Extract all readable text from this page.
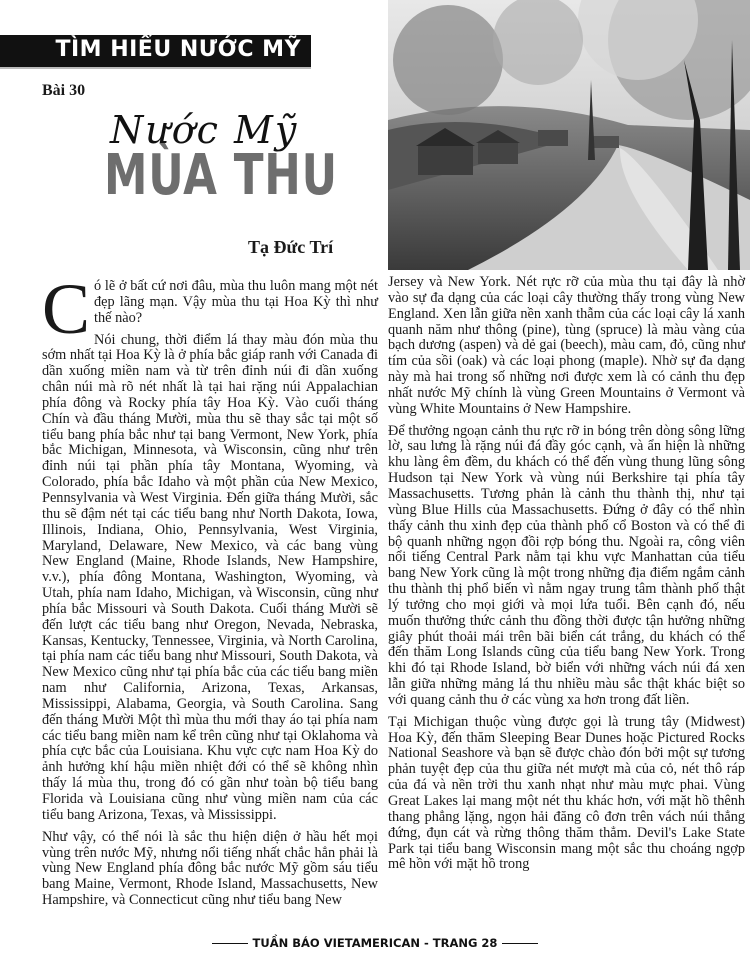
TÌM HIỂU NƯỚC MỸ
Bài 30
Nước Mỹ
MÙA THU
Tạ Đức Trí

Có lẽ ở bất cứ nơi đâu, mùa thu luôn mang một nét đẹp lãng mạn. Vậy mùa thu tại Hoa Kỳ thì như thế nào?

Nói chung, thời điểm lá thay màu đón mùa thu sớm nhất tại Hoa Kỳ là ở phía bắc giáp ranh với Canada đi dần xuống miền nam và từ trên đỉnh núi đi dần xuống chân núi mà rõ nét nhất là tại hai rặng núi Appalachian phía đông và Rocky phía tây Hoa Kỳ. Vào cuối tháng Chín và đầu tháng Mười, mùa thu sẽ thay sắc tại một số tiểu bang phía bắc như tại bang Vermont, New York, phía bắc Michigan, Minnesota, và Wisconsin, cũng như trên đỉnh núi tại phần phía tây Montana, Wyoming, và Colorado, phía bắc Idaho và một phần của New Mexico, Pennsylvania và West Virginia. Đến giữa tháng Mười, sắc thu sẽ đậm nét tại các tiểu bang như North Dakota, Iowa, Illinois, Indiana, Ohio, Pennsylvania, West Virginia, Maryland, Delaware, New Mexico, và các bang vùng New England (Maine, Rhode Islands, New Hampshire, v.v.), phía đông Montana, Washington, Wyoming, và Utah, phía nam Idaho, Michigan, và Wisconsin, cũng như phía bắc Missouri và South Dakota. Cuối tháng Mười sẽ đến lượt các tiểu bang như Oregon, Nevada, Nebraska, Kansas, Kentucky, Tennessee, Virginia, và North Carolina, tại phía nam các tiểu bang như Missouri, South Dakota, và New Mexico cũng như tại phía bắc của các tiểu bang miền nam như California, Arizona, Texas, Arkansas, Mississippi, Alabama, Georgia, và South Carolina. Sang đến tháng Mười Một thì mùa thu mới thay áo tại phía nam các tiểu bang miền nam kể trên cũng như tại Oklahoma và phía cực bắc của Louisiana. Khu vực cực nam Hoa Kỳ do ảnh hưởng khí hậu miền nhiệt đới có thể sẽ không nhìn thấy lá mùa thu, trong đó có gần như toàn bộ tiểu bang Florida và Louisiana cũng như vùng miền nam của các tiểu bang Arizona, Texas, và Mississippi.

Như vậy, có thể nói là sắc thu hiện diện ở hầu hết mọi vùng trên nước Mỹ, nhưng nổi tiếng nhất chắc hẳn phải là vùng New England phía đông bắc nước Mỹ gồm sáu tiểu bang Maine, Vermont, Rhode Island, Massachusetts, New Hampshire, và Connecticut cũng như tiểu bang New

Jersey và New York. Nét rực rỡ của mùa thu tại đây là nhờ vào sự đa dạng của các loại cây thường thấy trong vùng New England. Xen lẫn giữa nền xanh thẫm của các loại cây lá xanh quanh năm như thông (pine), tùng (spruce) là màu vàng của bạch dương (aspen) và dẻ gai (beech), màu cam, đỏ, cũng như tím của sồi (oak) và các loại phong (maple). Nhờ sự đa dạng này mà hai trong số những nơi được xem là có cảnh thu đẹp nhất nước Mỹ chính là vùng Green Mountains ở Vermont và vùng White Mountains ở New Hampshire.

Để thưởng ngoạn cảnh thu rực rỡ in bóng trên dòng sông lững lờ, sau lưng là rặng núi đá đầy góc cạnh, và ẩn hiện là những khu làng êm đềm, du khách có thể đến vùng thung lũng sông Hudson tại New York và vùng núi Berkshire tại phía tây Massachusetts. Tương phản là cảnh thu thành thị, như tại vùng Blue Hills của Massachusetts. Đứng ở đây có thể nhìn thấy cảnh thu xinh đẹp của thành phố cổ Boston và có thể đi bộ quanh những ngọn đồi rợp bóng thu. Ngoài ra, công viên nổi tiếng Central Park nằm tại khu vực Manhattan của tiểu bang New York cũng là một trong những địa điểm ngắm cảnh thu thành thị phổ biến vì nằm ngay trung tâm thành phố thật lý tưởng cho mọi giới và mọi lứa tuổi. Bên cạnh đó, nếu muốn thưởng thức cảnh thu đồng thời được tận hưởng những giây phút thoải mái trên bãi biển cát trắng, du khách có thể đến thăm Long Islands cũng của tiểu bang New York. Trong khi đó tại Rhode Island, bờ biển với những vách núi đá xen lẫn giữa những mảng lá thu nhiều màu sắc thật khác biệt so với quang cảnh thu ở các vùng xa hơn trong đất liền.

Tại Michigan thuộc vùng được gọi là trung tây (Midwest) Hoa Kỳ, đến thăm Sleeping Bear Dunes hoặc Pictured Rocks National Seashore và bạn sẽ được chào đón bởi một sự tương phản tuyệt đẹp của thu giữa nét mượt mà của cỏ, nét thô ráp của đá và nền trời thu xanh nhạt như màu mực phai. Vùng Great Lakes lại mang một nét thu khác hơn, với mặt hồ thênh thang phẳng lặng, ngọn hải đăng cô đơn trên vách núi thẳng đứng, đụn cát và rừng thông thăm thẳm. Devil's Lake State Park tại tiểu bang Wisconsin mang một sắc thu choáng ngợp mê hồn với mặt hồ trong

TUẦN BÁO VIETAMERICAN - TRANG 28
